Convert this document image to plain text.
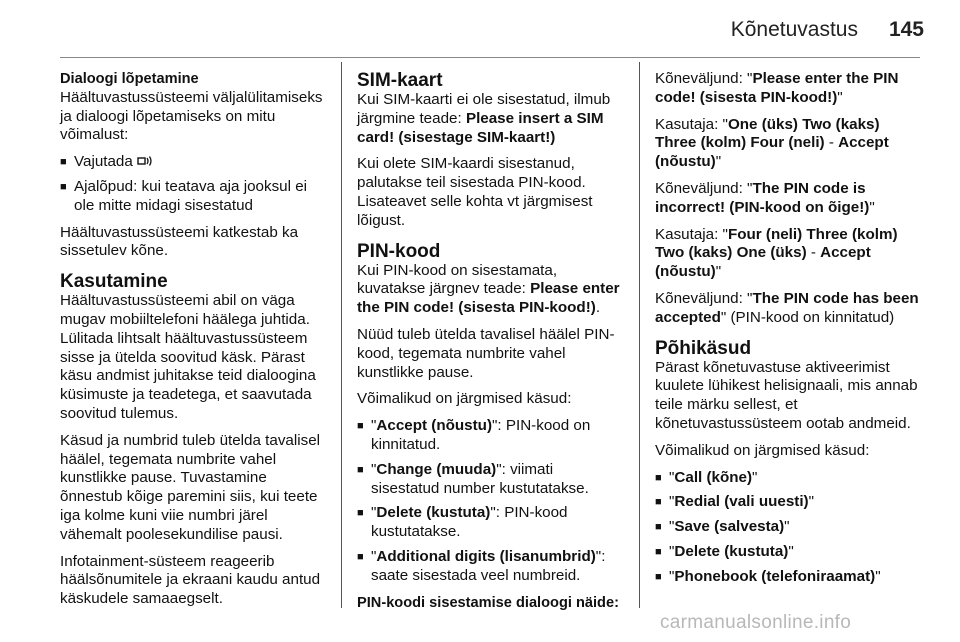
Kõnetuvastus 145
Dialoogi lõpetamine

Häältuvastussüsteemi väljalülitamiseks ja dialoogi lõpetamiseks on mitu võimalust:

■ Vajutada
■ Ajalõpud: kui teatava aja jooksul ei ole mitte midagi sisestatud

Häältuvastussüsteemi katkestab ka sissetulev kõne.

Kasutamine

Häältuvastussüsteemi abil on väga mugav mobiiltelefoni häälega juhtida. Lülitada lihtsalt häältuvastussüsteem sisse ja ütelda soovitud käsk. Pärast käsu andmist juhitakse teid dialoogina küsimuste ja teadetega, et saavutada soovitud tulemus.

Käsud ja numbrid tuleb ütelda tavalisel häälel, tegemata numbrite vahel kunstlikke pause. Tuvastamine õnnestub kõige paremini siis, kui teete iga kolme kuni viie numbri järel vähemalt poolesekundilise pausi.

Infotainment-süsteem reageerib häälsõnumitele ja ekraani kaudu antud käskudele samaaegselt.

SIM-kaart

Kui SIM-kaarti ei ole sisestatud, ilmub järgmine teade: Please insert a SIM card! (sisestage SIM-kaart!)

Kui olete SIM-kaardi sisestanud, palutakse teil sisestada PIN-kood. Lisateavet selle kohta vt järgmisest lõigust.

PIN-kood

Kui PIN-kood on sisestamata, kuvatakse järgnev teade: Please enter the PIN code! (sisesta PIN-kood!).

Nüüd tuleb ütelda tavalisel häälel PIN-kood, tegemata numbrite vahel kunstlikke pause.

Võimalikud on järgmised käsud:

■ "Accept (nõustu)": PIN-kood on kinnitatud.
■ "Change (muuda)": viimati sisestatud number kustutatakse.
■ "Delete (kustuta)": PIN-kood kustutatakse.
■ "Additional digits (lisanumbrid)": saate sisestada veel numbreid.
PIN-koodi sisestamise dialoogi näide:

Kõneväljund: "Please enter the PIN code! (sisesta PIN-kood!)"

Kasutaja: "One (üks) Two (kaks) Three (kolm) Four (neli) - Accept (nõustu)"

Kõneväljund: "The PIN code is incorrect! (PIN-kood on õige!)"

Kasutaja: "Four (neli) Three (kolm) Two (kaks) One (üks) - Accept (nõustu)"

Kõneväljund: "The PIN code has been accepted" (PIN-kood on kinnitatud)

Põhikäsud

Pärast kõnetuvastuse aktiveerimist kuulete lühikest helisignaali, mis annab teile märku sellest, et kõnetuvastussüsteem ootab andmeid.

Võimalikud on järgmised käsud:

■ "Call (kõne)"
■ "Redial (vali uuesti)"
■ "Save (salvesta)"
■ "Delete (kustuta)"
■ "Phonebook (telefoniraamat)"
carmanualsonline.info
